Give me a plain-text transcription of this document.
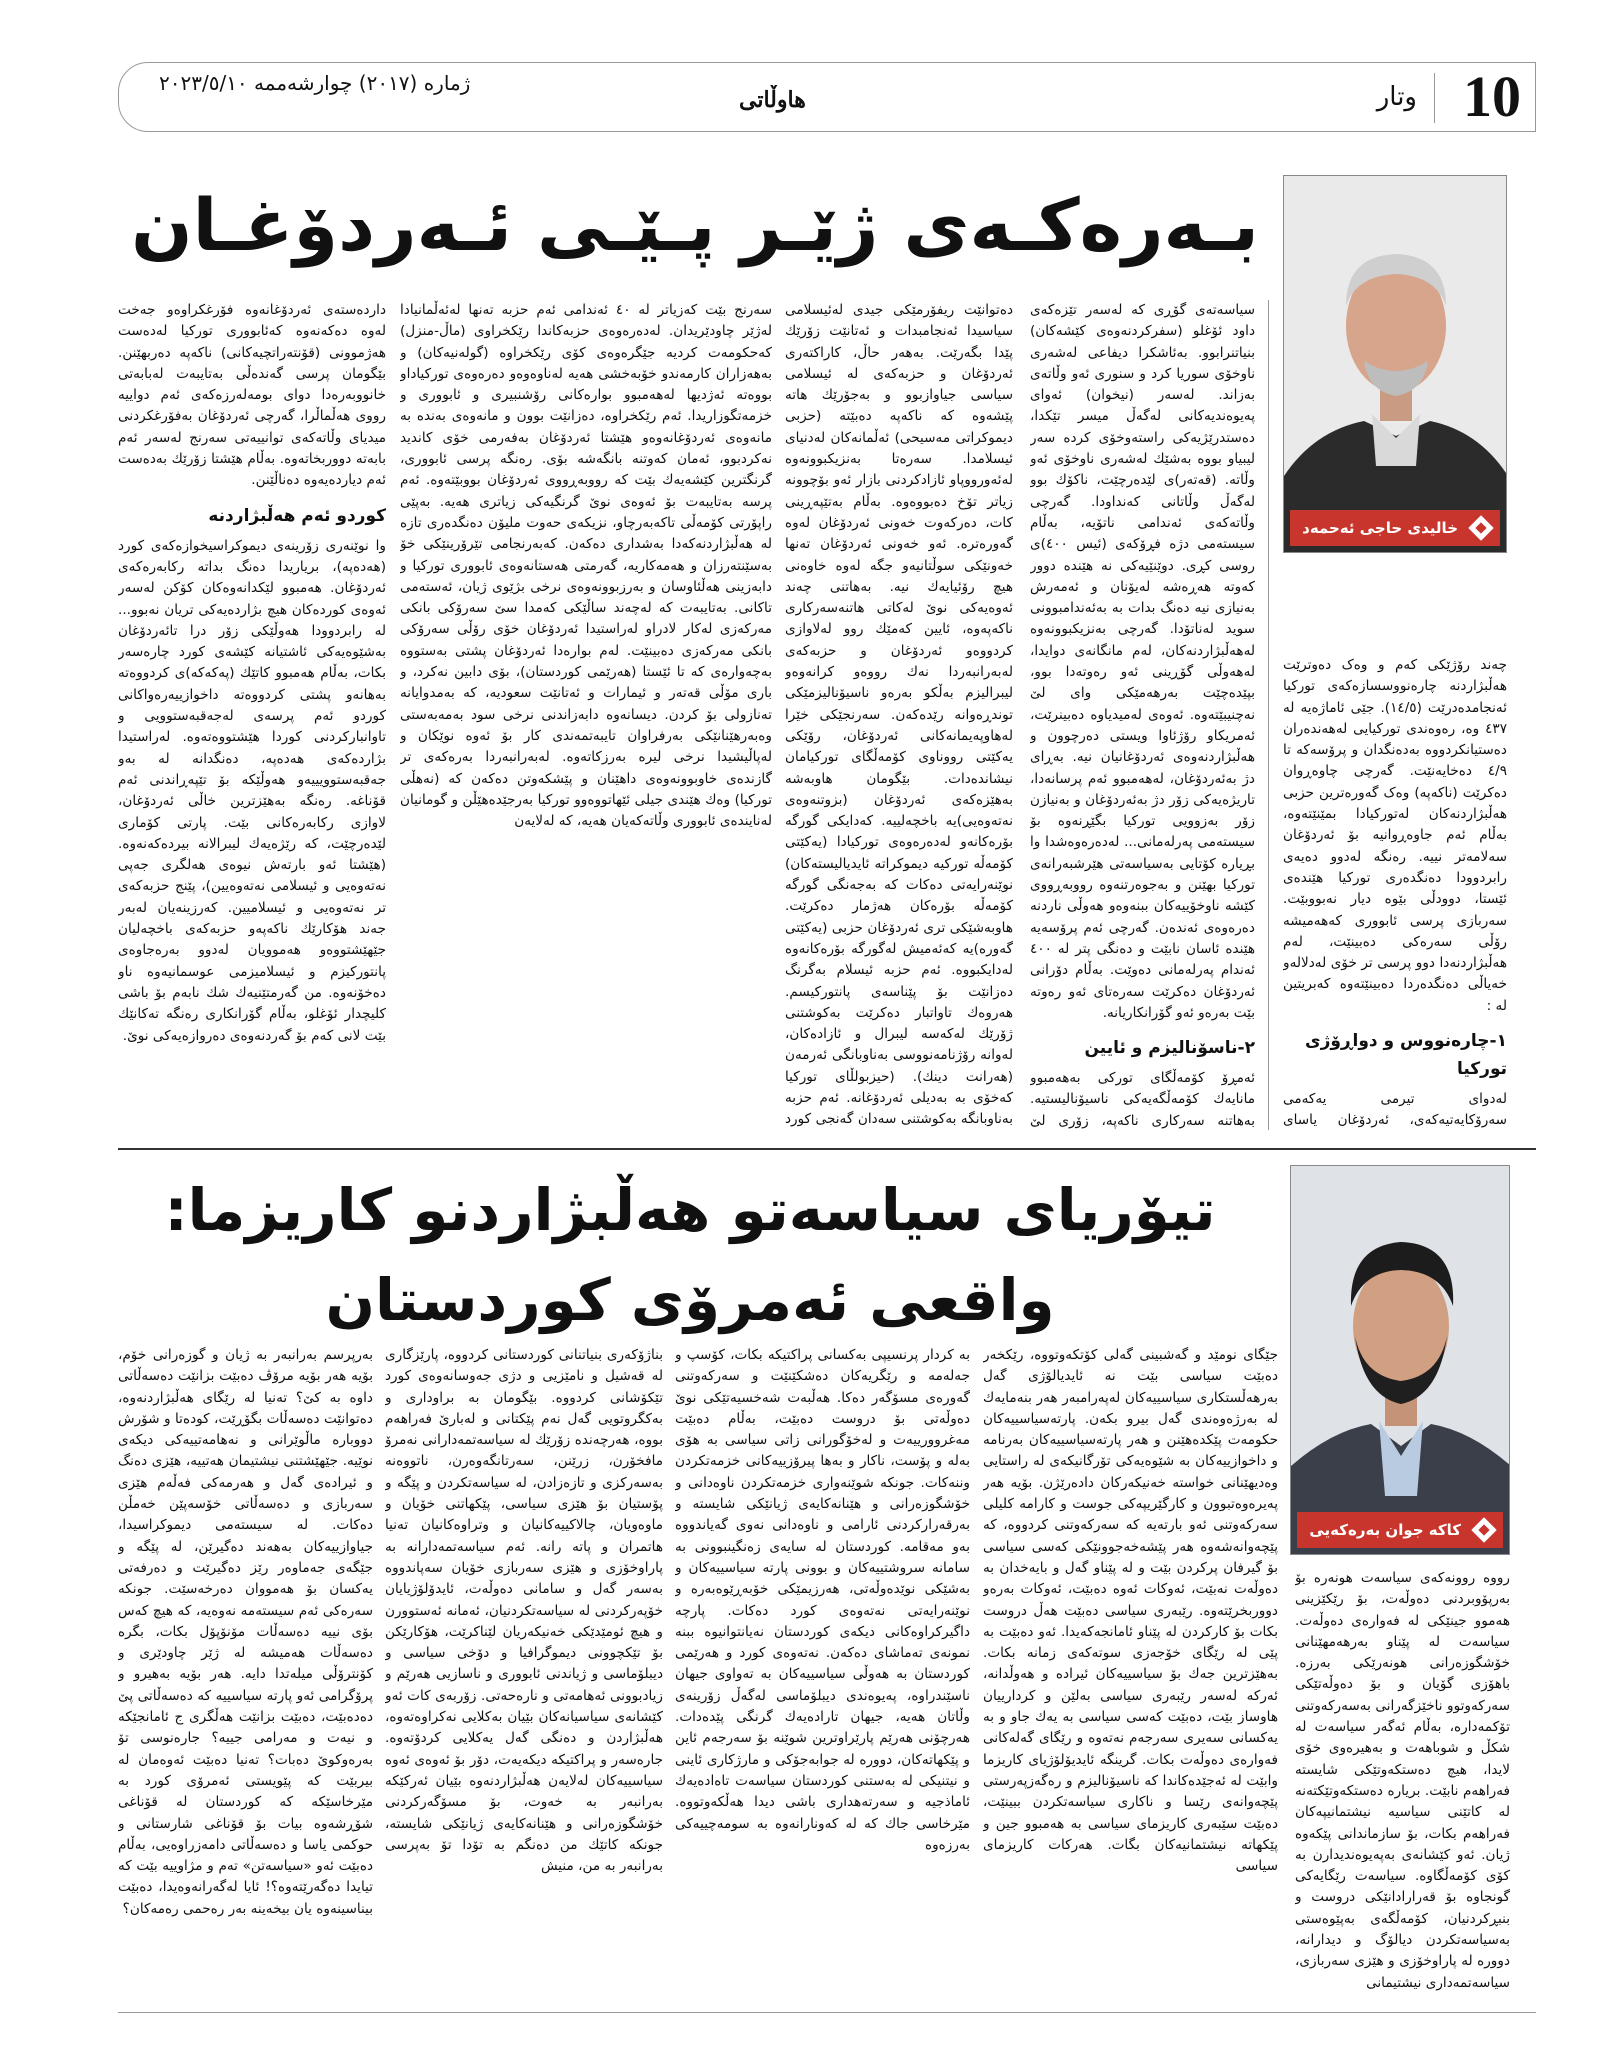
10
وتار
هاوڵاتی
ژماره (٢٠١٧) چوارشەممە ٢٠٢٣/٥/١٠
بـەرەكـەی ژێـر پـێـی ئـەردۆغـان
خالیدی حاجی ئەحمەد

چەند رۆژێکی کەم و وەک دەوترێت هەڵبژاردنە چارەنووسسازەکەی تورکیا ئەنجامدەدرێت (١٤/٥). جێی ئاماژەیە لە ٤٣٧ وە، رەوەندی تورکیایی لەهەندەران دەستیانکردووە بەدەنگدان و پرۆسەکە تا ٤/٩ دەخایەنێت. گەرچی چاوەڕوان دەکرێت (ناکەپە) وەک گەورەترین حزبی هەڵبژاردنەکان لەتورکیادا بمێنێتەوە، بەڵام ئەم جاوەڕوانیە بۆ ئەردۆغان سەلامەتر نییە. رەنگە لەدوو دەیەی رابردوودا دەنگدەری تورکیا هێندەی ئێستا، دوودڵی بێوە دیار نەبووبێت. سەربازی پرسی ئابووری کەهەمیشە رۆڵی سەرەکی دەبینێت، لەم هەڵبژاردنەدا دوو پرسی تر خۆی لەدلالەو خەیاڵی دەنگدەردا دەبینێتەوە کەبریتین لە :

١-چارەنووس و دواڕۆژی تورکیا

لەدوای تیرمی یەکەمی سەرۆکایەتیەکەی، ئەردۆغان یاسای

سیاسەتەی گۆڕی کە لەسەر تێزەکەی داود ئۆغلو (سفرکردنەوەی کێشەکان) بنیاتنرابوو. بەئاشکرا دیفاعی لەشەری ناوخۆی سوریا کرد و سنوری ئەو وڵاتەی بەزاند. لەسەر (نیخوان) ئەوای پەیوەندیەکانی لەگەڵ میسر تێکدا، دەستدرێژیەکی راستەوخۆی کردە سەر لیبیاو بووە بەشێك لەشەری ناوخۆی ئەو وڵاتە. (قەتەر)ی لێدەرچێت، ناکۆك بوو لەگەڵ وڵاتانی کەنداودا. گەرچی وڵاتەکەی ئەندامی ناتۆیە، بەڵام سیستەمی دژە فڕۆکەی (ئیس ٤٠٠)ی روسی کڕی. دوێنێیەکی نە هێندە دوور کەوتە هەڕەشە لەیۆنان و ئەمەرش بەنیازی نیە دەنگ بدات بە بەئەندامبوونی سوید لەناتۆدا. گەرچی بەنزیکبوونەوە لەهەڵبژاردنەکان، لەم مانگانەی دوایدا، لەهەوڵی گۆڕینی ئەو رەوتەدا بوو، بپێدەچێت بەرهەمێکی وای لێ نەچنیبێتەوە. ئەوەی لەمیدیاوە دەبینرێت، ئەمریکاو رۆژئاوا ویستی دەرچوون و هەڵبژاردنەوەی ئەردۆغانیان نیە. بەڕای دژ بەئەردۆغان، لەهەمبوو ئەم پرسانەدا، تاریژەیەکی زۆر دژ بەئەردۆغان و بەنیازن زۆر بەزوویی تورکیا بگێڕنەوە بۆ سیستەمی پەرلەمانی... لەدەرەوەشدا وا بڕیارە کۆتایی بەسیاسەتی هێرشبەرانەی تورکیا بهێنن و بەجوەرتنەوە رووبەڕووی کێشە ناوخۆییەکان ببنەوەو هەوڵی ناردنە دەرەوەی ئەندەن. گەرچی ئەم پرۆسەیە هێندە ئاسان نابێت و دەنگی پتر لە ٤٠٠ ئەندام پەرلەمانی دەوێت. بەڵام دۆرانی ئەردۆغان دەکرێت سەرەتای ئەو رەوتە بێت بەرەو ئەو گۆرانکاریانە.

٢-ناسۆنالیزم و ئایین

ئەمڕۆ کۆمەڵگای تورکی بەهەمبوو مانایەك کۆمەڵگەیەکی ناسیۆنالیستیە. بەهاتنە سەرکاری ناکەپە، زۆری لێ

دەتوانێت ریفۆرمێکی جیدی لەئیسلامی سیاسیدا ئەنجامبدات و ئەتانێت زۆرێك پێدا بگەرێت. بەهەر حاڵ، کاراکتەری ئەردۆغان و حزبەکەی لە ئیسلامی سیاسی جیاوازبوو و بەجۆرێك هاتە پێشەوە کە ناکەپە دەبێتە (حزبی دیموکراتی مەسیحی) ئەڵمانەکان لەدنیای ئیسلامدا. سەرەتا بەنزیکبوونەوە لەئەورووپاو ئازادکردنی بازار ئەو بۆچوونە زیاتر تۆخ دەبووەوە. بەڵام بەتێپەڕینی کات، دەرکەوت خەونی ئەردۆغان لەوە گەورەترە. ئەو خەونی ئەردۆغان تەنها خەونێکی سوڵتانیەو جگە لەوە خاوەنی هیچ رۆئیایەك نیە. بەهاتنی چەند ئەوەیەکی نوێ لەکاتی هاتنەسەرکاری ناکەپەوە، ئایین کەمێك روو لەلاوازی کردووەو ئەردۆغان و حزبەکەی لەبەرانبەردا نەك رووەو کرانەوەو لیبرالیزم بەڵکو بەرەو ناسیۆنالیزمێکی توندڕەوانە رێدەکەن. سەرنجێکی خێرا لەهاوپەیمانەکانی ئەردۆغان، رۆێکی یەکێتی رووناوی کۆمەڵگای تورکیامان نیشاندەدات. بێگومان هاوبەشە بەهێزەکەی ئەردۆغان (بزوتنەوەی نەتەوەیی)یە باخچەلییە. کەدایکی گورگە بۆرەکانەو لەدەرەوەی تورکیادا (یەکێتی کۆمەڵە تورکیە دیموکراتە ئایدیالیستەکان) نوێنەرایەتی دەکات کە بەجەنگی گورگە کۆمەڵە بۆرەکان هەژمار دەکرێت. هاوبەشێکی تری ئەردۆغان حزبی (یەکێتی گەورە)یە کەئەمیش لەگورگە بۆرەکانەوە لەدایکبووە. ئەم حزبە ئیسلام بەگرنگ دەزانێت بۆ پێناسەی پانتورکیسم. هەروەك تاواتبار دەکرێت بەکوشتنی ژۆرێك لەکەسە لیبرال و ئازادەکان، لەوانە رۆژنامەنووسی بەناوبانگی ئەرمەن (هەرانت دینك). (حیزبولڵای تورکیا کەخۆی بە بەدیلی ئەردۆغانە. ئەم حزبە بەناوبانگە بەکوشتنی سەدان گەنجی کورد

سەرنج بێت کەزیاتر لە ٤٠ ئەندامی ئەم حزبە تەنها لەئەڵمانیادا لەژێر چاودێریدان. لەدەرەوەی حزبەکاندا رێکخراوی (ماڵ-منزل) کەحکومەت کردیە جێگرەوەی کۆی رێکخراوە (گولەنیەکان) و بەهەزاران کارمەندو خۆبەخشی هەیە لەناوەوەو دەرەوەی تورکیاداو بووەتە ئەژدیها لەهەمبوو بوارەکانی رۆشنبیری و ئابووری و خزمەتگوزاریدا. ئەم رێکخراوە، دەزانێت بوون و مانەوەی بەندە بە مانەوەی ئەردۆغانەوەو هێشتا ئەردۆغان بەفەرمی خۆی کاندید نەکردبوو، ئەمان کەوتنە بانگەشە بۆی. رەنگە پرسی ئابووری، گرنگترین کێشەیەك بێت کە رووبەڕووی ئەردۆغان بووبێتەوە. ئەم پرسە بەتایبەت بۆ ئەوەی نوێ گرنگیەکی زیاتری هەیە. بەپێی راپۆرتی کۆمەڵی تاکەبەرچاو، نزیکەی حەوت ملیۆن دەنگدەری تازە لە هەڵبژاردنەکەدا بەشداری دەکەن. کەبەرنجامی تێرۆرینێکی خۆ بەسێنتەرزان و هەمەکاریە، گەرمتی هەستانەوەی ئابووری تورکیا و دابەزینی هەڵئاوسان و بەرزبوونەوەی نرخی بژێوی ژیان، ئەستەمی تاکانی. بەتایبەت کە لەچەند ساڵێکی کەمدا سێ سەرۆکی بانکی مەرکەزی لەکار لادراو لەراستیدا ئەردۆغان خۆی رۆڵی سەرۆکی بانکی مەرکەزی دەبینێت. لەم بوارەدا ئەردۆغان پشتی بەستووە بەچەوارەی کە تا ئێستا (هەرێمی کوردستان)، بۆی دابین نەکرد، و باری مۆڵی قەتەر و ئیمارات و ئەتانێت سعودیە، کە بەمدوایانە تەنازولی بۆ کردن. دیسانەوە دابەزاندنی نرخی سود بەمەبەستی وەبەرهێنانێکی بەرفراوان تایبەتمەندی کار بۆ ئەوە نوێکان و لەپاڵیشیدا نرخی لیرە بەرزکاتەوە. لەبەرانبەردا بەرەکەی تر گازندەی خاوبوونەوەی داهێنان و پێشکەوتن دەکەن کە (نەهڵی تورکیا) وەك هێندی جیلی ئێهاتووەوو تورکیا بەرجێدەهێڵن و گومانیان لەنایندەی ئابووری وڵاتەکەیان هەیە، کە لەلایەن

داردەستەی ئەردۆغانەوە فۆرغکراوەو جەخت لەوە دەکەنەوە کەئابووری تورکیا لەدەست هەژموونی (قۆنتەراتچیەکانی) ناکەپە دەربهێنن. بێگومان پرسی گەندەڵی بەتایبەت لەبابەتی خانووبەرەدا دوای بومەلەرزەکەی ئەم دواییە رووی هەڵماڵرا، گەرچی ئەردۆغان بەفۆرغکردنی میدیای وڵاتەکەی توانییەتی سەرنج لەسەر ئەم بابەتە دووربخاتەوە. بەڵام هێشتا زۆرێك بەدەست ئەم دیاردەیەوە دەناڵێنن.

کوردو ئەم هەڵبژاردنە

وا نوێنەری زۆرینەی دیموکراسیخوازەکەی کورد (هەدەپە)، بریاریدا دەنگ بداتە رکابەرەکەی ئەردۆغان. هەمبوو لێکدانەوەکان کۆکن لەسەر ئەوەی کوردەکان هیچ بژاردەیەکی تریان نەبوو... لە رابردوودا هەوڵێکی زۆر درا تائەردۆغان بەشێوەیەکی ئاشتیانە کێشەی کورد چارەسەر بکات، بەڵام هەمبوو کاتێك (پەکەکە)ی کردووەتە بەهانەو پشتی کردووەتە داخوازییەرەواکانی کوردو ئەم پرسەی لەجەقبەستوویی و تاوانبارکردنی کوردا هێشتووەتەوە. لەراستیدا بژاردەکەی هەدەپە، دەنگدانە لە بەو جەقبەستوویییەو هەوڵێکە بۆ تێپەڕاندنی ئەم قۆناغە. رەنگە بەهێزترین خاڵی ئەردۆغان، لاوازی رکابەرەکانی بێت. پارتی کۆماری لێدەرچێت، کە رێژەیەك لیبرالانە بیردەکەنەوە. (هێشتا ئەو بارتەش نیوەی هەلگری جەپی نەتەوەیی و ئیسلامی نەتەوەیین)، پێنج حزبەکەی تر نەتەوەیی و ئیسلامیین. کەرزینەیان لەبەر جەند هۆکارێك ناکەپەو حزبەکەی باخچەلیان جێهێشتووەو هەموویان لەدوو بەرەجاوەی پانتورکیزم و ئیسلامیزمی عوسمانیەوە ناو دەخۆنەوە. من گەرمتێنیەك شك نابەم بۆ باشی کلیچدار ئۆغلو، بەڵام گۆرانکاری رەنگە تەکانێك بێت لانی کەم بۆ گەردنەوەی دەروازەیەکی نوێ.

تیۆریای سیاسەتو هەڵبژاردنو کاریزما:
واقعی ئەمرۆی کوردستان
کاکە جوان بەرەکەیی

رووە روونەکەی سیاسەت هونەرە بۆ بەرپۆوبردنی دەوڵەت، بۆ رێکێزینی هەموو جینێکی لە فەوارەی دەوڵەت. سیاسەت لە پێناو بەرهەمهێنانی خۆشگوزەرانی هونەرێکی بەرزە. باهۆزی گۆیان و بۆ دەوڵەتێکی سەرکەوتوو ناخێزگەرانی بەسەرکەوتنی تۆکمەدارە، بەڵام ئەگەر سیاسەت لە شکڵ و شوباهەت و بەهیرەوی خۆی لایدا، هیچ دەستکەوتێکی شایستە فەراهەم نابێت. بریارە دەستکەوتێکتەنە لە کاتێنی سیاسیە نیشتمانیپەکان فەراهەم بکات، بۆ سازماندانی پێکەوە ژیان. ئەو کێشانەی بەپەیوەندیدارن بە کۆی کۆمەڵگاوە. سیاسەت رێگایەکی گونجاوە بۆ قەرارادانێکی دروست و بنبڕکردنیان، کۆمەڵگەی بەپێوەستی بەسیاسەتکردن دیالۆگ و دیدارانە، دووره له پاراوخۆزی و هێزی سەربازی، سیاسەتمەداری نیشتیمانی

جێگای نومێد و گەشبینی گەلی کۆتکەوتووە، رێکخەر دەبێت سیاسی بێت نە ئایدیالۆژی گەل بەرهەڵستکاری سیاسییەکان لەپەرامبەر هەر بنەمایەك لە بەرژەوەندی گەل بیرو بکەن. پارتەسیاسییەکان حکومەت پێکدەهێنن و هەر پارتەسیاسییەکان بەرنامە و داخوازییەکان بە شێوەیەکی تۆرگانیکەی لە راستایی وەدیهێنانی خواستە خەنیکەرکان دادەرێژن. بۆیە هەر پەیرەوەتبوون و کارگێریپەکی جوست و کارامە کلیلی سەرکەوتنی ئەو بارتەیە کە سەرکەوتنی کردووە، کە پێچەوانەشەوە هەر پێشەخەجوونێکی کەسی سیاسی بۆ گیرفان پرکردن بێت و لە پێناو گەل و بایەخدان بە دەوڵەت نەبێت، ئەوکات ئەوە دەبێت، ئەوکات بەرەو دووربخرێتەوە. رێبەری سیاسی دەبێت هەڵ دروست بکات بۆ کارکردن لە پێناو ئامانجەکەیدا. ئەو دەبێت بە پێی لە رێگای خۆجەزی سوتەکەی زمانە بکات. بەهێزترین جەك بۆ سیاسییەکان ئیرادە و هەوڵدانە، ئەرکە لەسەر رێبەری سیاسی بەلێن و کردارییان هاوساز بێت، دەبێت کەسی سیاسی بە یەك جاو و بە یەکسانی سەیری سەرجەم نەتەوە و رێگای گەلەکانی فەوارەی دەوڵەت بکات. گرینگە ئایدیۆلۆژیای کاریزما وابێت لە ئەجێدەکاندا کە ناسیۆنالیزم و رەگەزپەرستی پێچەوانەی رێسا و ناکاری سیاسەتکردن ببینێت، دەبێت سێبەری کاریزمای سیاسی بە هەمبوو جین و پێکهاتە نیشتمانیەکان بگات. هەرکات کاریزمای سیاسی

بە کردار پرنسیپی بەکسانی پراکتیکە بکات، کۆسپ و جەلەمە و رێگریەکان دەشکێنێت و سەرکەوتنی گەورەی مسۆگەر دەکا. هەڵبەت شەخسیەتێکی نوێ دەوڵەتی بۆ دروست دەبێت، بەڵام دەبێت مەغروورییەت و لەخۆگورانی زاتی سیاسی بە هۆی بەلە و پۆست، ناکار و بەها پیرۆزییەکانی خزمەتکردن وننەکات. جونکە شوێنەواری خزمەتکردن ناوەدانی و خۆشگوزەرانی و هێنانەکایەی ژیانێکی شایستە و بەرقەرارکردنی ئارامی و ناوەدانی نەوی گەیاندووە بەو مەقامە. کوردستان لە سایەی زەنگینبوونی بە سامانە سروشتییەکان و بوونی پارتە سیاسییەکان و بەشێکی نوێدەوڵەتی، هەرزیمێکی خۆبەڕێوەبەرە و نوێنەرایەتی نەتەوەی کورد دەکات. پارچە داگیرکراوەکانی دیکەی کوردستان نەیانتوانیوە ببنە نمونەی تەماشای دەکەن. نەتەوەی کورد و هەرێمی کوردستان بە هەوڵی سیاسییەکان بە تەواوی جیهان ناسێندراوە، پەیوەندی دیبلۆماسی لەگەڵ زۆرینەی وڵاتان هەیە، جیهان تارادەیەك گرنگی پێدەدات. هەرچۆنی هەرێم پارێراوترین شوێنە بۆ سەرجەم ئاین و پێکهاتەکان، دووره له جوابەجۆکی و مارژکاری ئاینی و نیتنیکی لە بەستنی کوردستان سیاسەت تاەادەیەك ئاماذجیە و سەرتەهداری باشی دیدا هەڵکەوتووە. مێرخاسی جاك کە لە کەونارانەوە بە سومەچییەکی بەرزەوە

بناژۆکەری بنیاتنانی کوردستانی کردووە، پارێزگاری لە قەشیل و نامێزیی و دژی جەوسانەوەی کورد تێکۆشانی کردووە. بێگومان بە براوداری و بەکگروتویی گەل نەم پێکتانی و لەبارێ فەراهەم بووە، هەرچەندە زۆرێك لە سیاسەتمەدارانی نەمرۆ مافخۆرن، زرێنن، سەرتانگەوەرن، ناتووەنە بەسەرکزی و تازەزادن، لە سیاسەتکردن و پێگە و پۆستیان بۆ هێزی سیاسی، پێکهاتنی خۆیان و ماوەویان، چالاکییەکانیان و وتراوەکانیان تەنیا هاتمران و پاتە رانە. ئەم سیاسەتمەدارانە بە پاراوخۆزی و هێزی سەربازی خۆیان سەپاندووە بەسەر گەل و سامانی دەوڵەت، ئایدۆلۆژیایان خۆپەرکردنی لە سیاسەتکردنیان، ئەمانە ئەستوورن و هیچ ئومێدێکی خەنیکەریان لێناکرێت، هۆکارێکن بۆ تێکچوونی دیموگرافیا و دۆخی سیاسی و دیبلۆماسی و ژیاندنی ئابووری و ناسازیی هەرێم و زیادبوونی ئەهامەتی و نارەحەتی. زۆربەی کات ئەو کێشانەی سیاسیانەکان بێیان بەکلایی نەکراوەتەوە، هەڵبژاردن و دەنگی گەل یەکلایی کردۆتەوە. جارەسەر و پراکتیکە دیکەیەت، دۆر بۆ ئەوەی ئەوە سیاسییەکان لەلایەن هەڵبژاردنەوە بێیان ئەرکێکە بەرانبەر بە خەوت، بۆ مسۆگەرکردنی خۆشگوزەرانی و هێنانەکایەی ژیانێکی شایستە، جونکە کاتێك من دەنگم بە تۆدا تۆ بەپرسی بەرانبەر بە من، منیش

بەرپرسم بەرانبەر بە ژیان و گوزەرانی خۆم، بۆیە هەر بۆیە مرۆڤ دەبێت بزانێت دەسەڵاتی داوە بە کێ؟ تەنیا لە رێگای هەڵبژاردنەوە، دەتوانێت دەسەڵات بگۆڕێت، کودەتا و شۆرش دووبارە ماڵوێرانی و نەهامەتییەکی دیکەی نوێیە. جێهێشتنی نیشتیمان هەتییە، هێزی دەنگ و ئیرادەی گەل و هەرمەکی فەڵەم هێزی سەربازی و دەسەڵاتی خۆسەپێن خەمڵن دەکات. لە سیستەمی دیموکراسیدا، جیاوازییەکان بەهەند دەگیرێن، لە پێگە و جێگەی جەماوەر رێز دەگیرێت و دەرفەتی یەکسان بۆ هەمووان دەرخەسێت. جونکە سەرەکی ئەم سیستەمە نەوەیە، کە هیچ کەس بۆی نییە دەسەڵات مۆنۆپۆل بکات، بگرە دەسەڵات هەمیشە لە ژێر چاودێری و کۆنترۆڵی میلەتدا دایە. هەر بۆیە بەهیرو و پرۆگرامی ئەو پارتە سیاسییە کە دەسەڵاتی پێ دەدەبێت، دەبێت بزانێت هەڵگری ج ئامانجێکە و نیەت و مەرامی جییە؟ جارەنوسی تۆ بەرەوکوێ دەبات؟ تەنیا دەبێت ئەوەمان لە بیربێت کە پێویستی ئەمرۆی کورد بە مێرخاسێکە کە کوردستان لە قۆناغی شۆڕشەوە بیات بۆ قۆناغی شارستانی و حوکمی یاسا و دەسەڵاتی دامەزراوەیی، بەڵام دەبێت ئەو «سیاسەتن» تەم و مژاوییە بێت کە تیایدا دەگەرێتەوە؟! ئایا لەگەرانەوەیدا، دەبێت بیناسینەوە یان بیخەینە بەر رەحمی رەمەکان؟
